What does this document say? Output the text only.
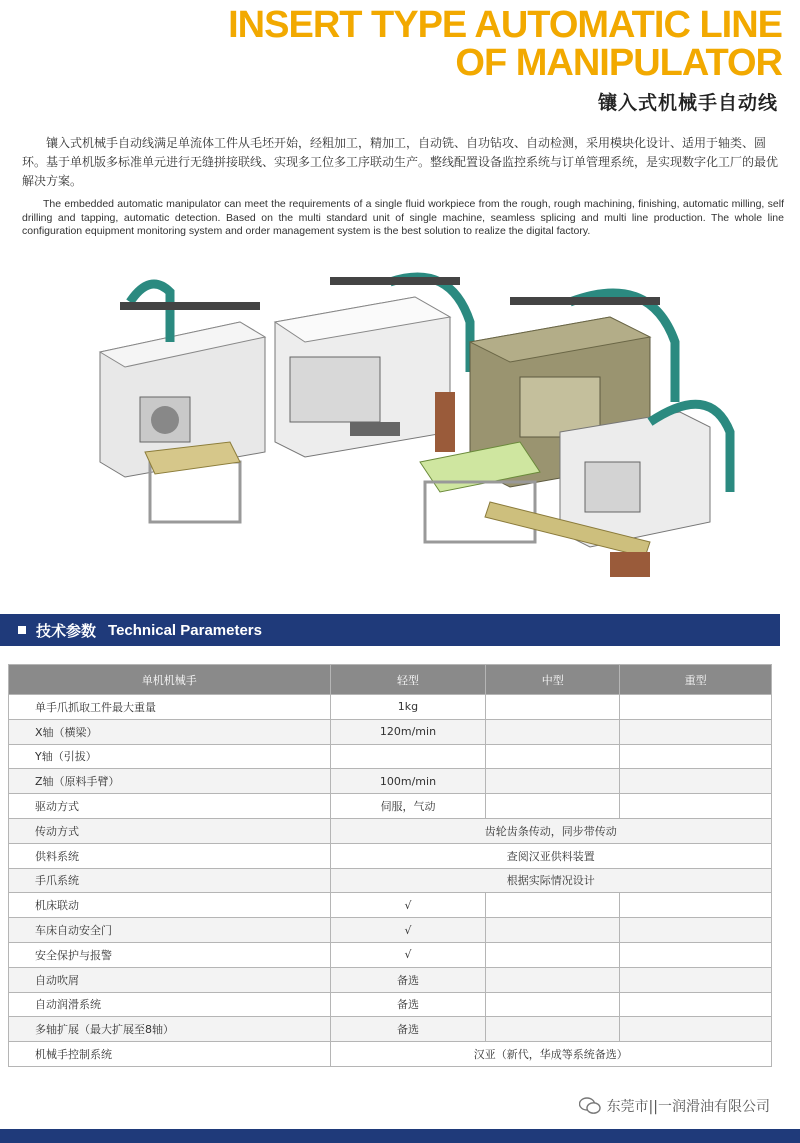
INSERT TYPE AUTOMATIC LINE
OF MANIPULATOR
镶入式机械手自动线

镶入式机械手自动线满足单流体工件从毛坯开始，经粗加工，精加工，自动铣、自功钻攻、自动检测，采用模块化设计、适用于轴类、圆环。基于单机版多标准单元进行无缝拼接联线、实现多工位多工序联动生产。整线配置设备监控系统与订单管理系统，是实现数字化工厂的最优解决方案。

The embedded automatic manipulator can meet the requirements of a single fluid workpiece from the rough, rough machining, finishing, automatic milling, self drilling and tapping, automatic detection. Based on the multi standard unit of single machine, seamless splicing and multi line production. The whole line configuration equipment monitoring system and order management system is the best solution to realize the digital factory.

技术参数 Technical Parameters
单机机械手	轻型	中型	重型
单手爪抓取工件最大重量	1kg		
X轴（横梁）	120m/min		
Y轴（引拔）			
Z轴（原料手臂）	100m/min		
驱动方式	伺服，气动		
传动方式	齿轮齿条传动，同步带传动		
供料系统	查阅汉亚供料装置		
手爪系统	根据实际情况设计		
机床联动	√		
车床自动安全门	√		
安全保护与报警	√		
自动吹屑	备选		
自动润滑系统	备选		
多轴扩展（最大扩展至8轴）	备选		
机械手控制系统	汉亚（新代，华成等系统备选）		
东莞市||一润滑油有限公司
